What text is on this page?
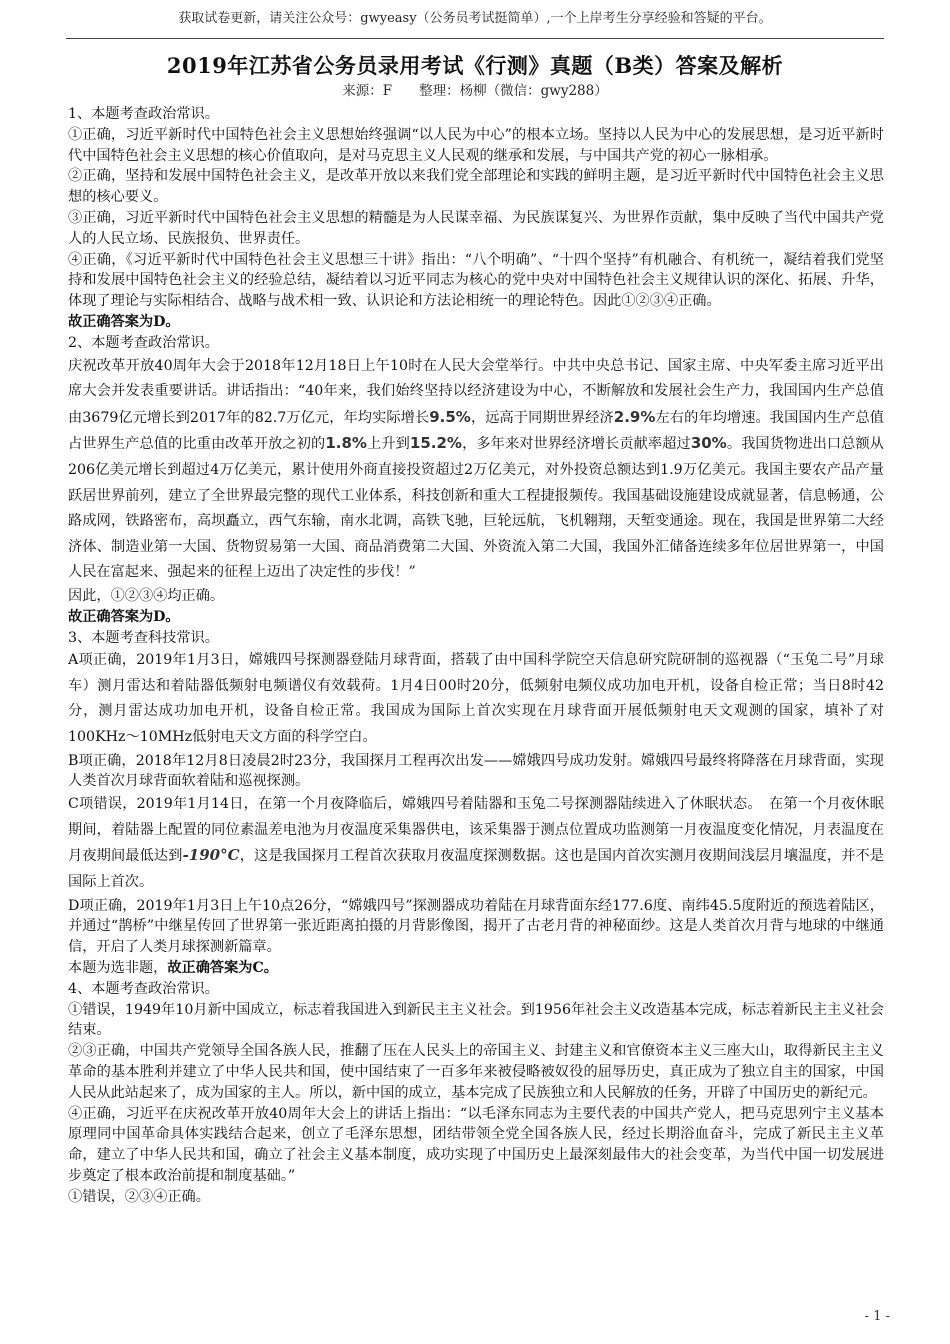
获取试卷更新，请关注公众号：gwyeasy（公务员考试挺简单）,一个上岸考生分享经验和答疑的平台。
2019年江苏省公务员录用考试《行测》真题（B类）答案及解析
来源：F　　整理：杨柳（微信：gwy288）

1、本题考查政治常识。

①正确，习近平新时代中国特色社会主义思想始终强调“以人民为中心”的根本立场。坚持以人民为中心的发展思想，是习近平新时代中国特色社会主义思想的核心价值取向，是对马克思主义人民观的继承和发展，与中国共产党的初心一脉相承。

②正确，坚持和发展中国特色社会主义，是改革开放以来我们党全部理论和实践的鲜明主题，是习近平新时代中国特色社会主义思想的核心要义。

③正确，习近平新时代中国特色社会主义思想的精髓是为人民谋幸福、为民族谋复兴、为世界作贡献，集中反映了当代中国共产党人的人民立场、民族报负、世界责任。

④正确，《习近平新时代中国特色社会主义思想三十讲》指出：“八个明确”、“十四个坚持”有机融合、有机统一，凝结着我们党坚持和发展中国特色社会主义的经验总结，凝结着以习近平同志为核心的党中央对中国特色社会主义规律认识的深化、拓展、升华，体现了理论与实际相结合、战略与战术相一致、认识论和方法论相统一的理论特色。因此①②③④正确。

故正确答案为D。

2、本题考查政治常识。

庆祝改革开放40周年大会于2018年12月18日上午10时在人民大会堂举行。中共中央总书记、国家主席、中央军委主席习近平出席大会并发表重要讲话。讲话指出：“40年来，我们始终坚持以经济建设为中心，不断解放和发展社会生产力，我国国内生产总值由3679亿元增长到2017年的82.7万亿元，年均实际增长9.5%，远高于同期世界经济2.9%左右的年均增速。我国国内生产总值占世界生产总值的比重由改革开放之初的1.8%上升到15.2%，多年来对世界经济增长贡献率超过30%。我国货物进出口总额从206亿美元增长到超过4万亿美元，累计使用外商直接投资超过2万亿美元，对外投资总额达到1.9万亿美元。我国主要农产品产量跃居世界前列，建立了全世界最完整的现代工业体系，科技创新和重大工程捷报频传。我国基础设施建设成就显著，信息畅通，公路成网，铁路密布，高坝矗立，西气东输，南水北调，高铁飞驰，巨轮远航，飞机翱翔，天堑变通途。现在，我国是世界第二大经济体、制造业第一大国、货物贸易第一大国、商品消费第二大国、外资流入第二大国，我国外汇储备连续多年位居世界第一，中国人民在富起来、强起来的征程上迈出了决定性的步伐！”

因此，①②③④均正确。

故正确答案为D。

3、本题考查科技常识。

A项正确，2019年1月3日，嫦娥四号探测器登陆月球背面，搭载了由中国科学院空天信息研究院研制的巡视器（“玉兔二号”月球车）测月雷达和着陆器低频射电频谱仪有效载荷。1月4日00时20分，低频射电频仪成功加电开机，设备自检正常；当日8时42分，测月雷达成功加电开机，设备自检正常。我国成为国际上首次实现在月球背面开展低频射电天文观测的国家，填补了对100KHz～10MHz低射电天文方面的科学空白。

B项正确，2018年12月8日凌晨2时23分，我国探月工程再次出发——嫦娥四号成功发射。嫦娥四号最终将降落在月球背面，实现人类首次月球背面软着陆和巡视探测。

C项错误，2019年1月14日，在第一个月夜降临后，嫦娥四号着陆器和玉兔二号探测器陆续进入了休眠状态。　在第一个月夜休眠期间，着陆器上配置的同位素温差电池为月夜温度采集器供电，该采集器于测点位置成功监测第一月夜温度变化情况，月表温度在月夜期间最低达到-190°C，这是我国探月工程首次获取月夜温度探测数据。这也是国内首次实测月夜期间浅层月壤温度，并不是国际上首次。

D项正确，2019年1月3日上午10点26分，“嫦娥四号”探测器成功着陆在月球背面东经177.6度、南纬45.5度附近的预选着陆区，并通过“鹊桥”中继星传回了世界第一张近距离拍摄的月背影像图，揭开了古老月背的神秘面纱。这是人类首次月背与地球的中继通信，开启了人类月球探测新篇章。

本题为选非题，故正确答案为C。

4、本题考查政治常识。

①错误，1949年10月新中国成立，标志着我国进入到新民主主义社会。到1956年社会主义改造基本完成，标志着新民主主义社会结束。

②③正确，中国共产党领导全国各族人民，推翻了压在人民头上的帝国主义、封建主义和官僚资本主义三座大山，取得新民主主义革命的基本胜利并建立了中华人民共和国，使中国结束了一百多年来被侵略被奴役的屈辱历史，真正成为了独立自主的国家，中国人民从此站起来了，成为国家的主人。所以，新中国的成立，基本完成了民族独立和人民解放的任务，开辟了中国历史的新纪元。

④正确，习近平在庆祝改革开放40周年大会上的讲话上指出：“以毛泽东同志为主要代表的中国共产党人，把马克思列宁主义基本原理同中国革命具体实践结合起来，创立了毛泽东思想，团结带领全党全国各族人民，经过长期浴血奋斗，完成了新民主主义革命，建立了中华人民共和国，确立了社会主义基本制度，成功实现了中国历史上最深刻最伟大的社会变革，为当代中国一切发展进步奠定了根本政治前提和制度基础。”

①错误，②③④正确。

- 1 -
